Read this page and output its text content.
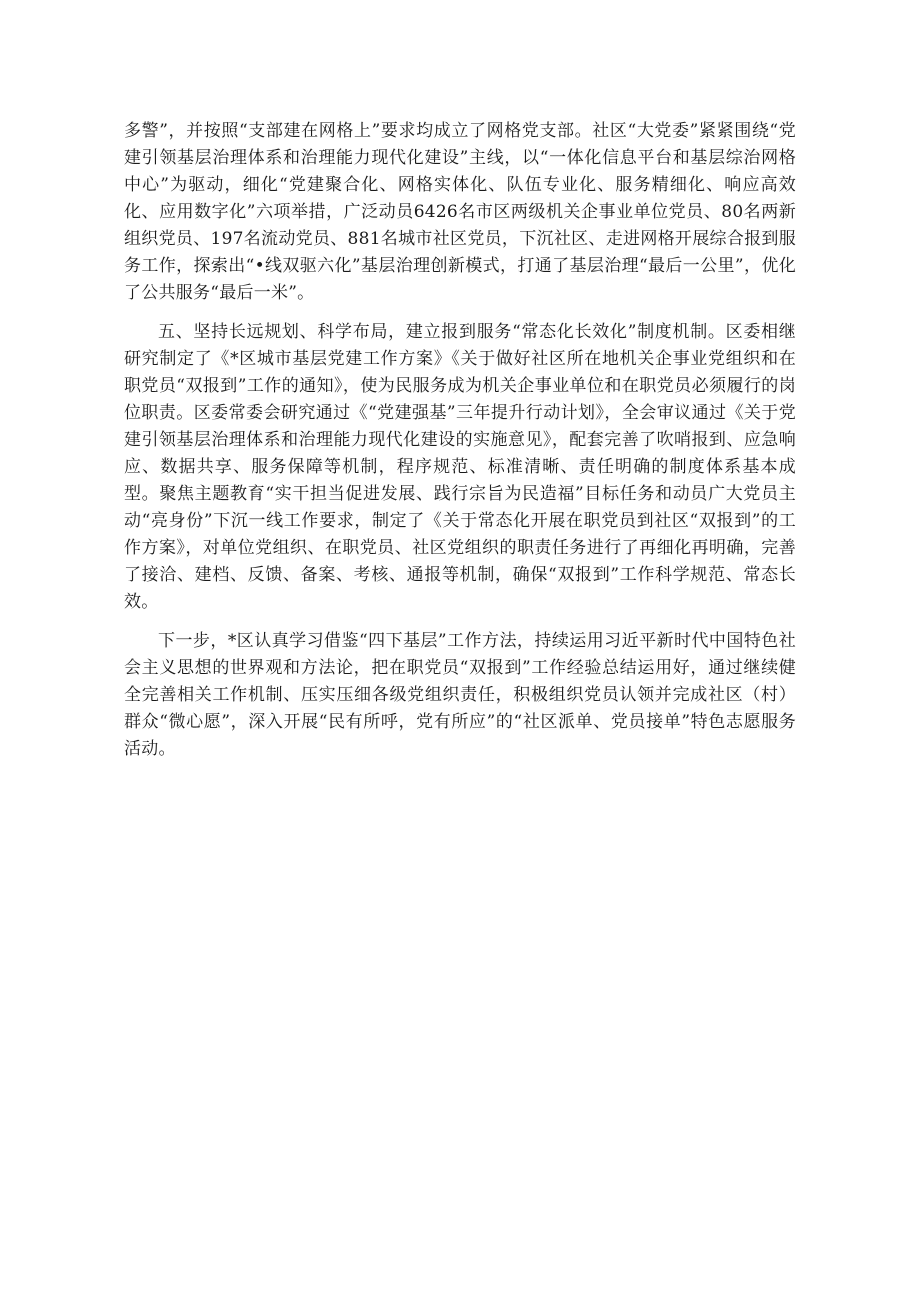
多警”，并按照“支部建在网格上”要求均成立了网格党支部。社区“大党委”紧紧围绕“党建引领基层治理体系和治理能力现代化建设”主线，以“一体化信息平台和基层综治网格中心”为驱动，细化“党建聚合化、网格实体化、队伍专业化、服务精细化、响应高效化、应用数字化”六项举措，广泛动员6426名市区两级机关企事业单位党员、80名两新组织党员、197名流动党员、881名城市社区党员，下沉社区、走进网格开展综合报到服务工作，探索出“•线双驱六化”基层治理创新模式，打通了基层治理“最后一公里”，优化了公共服务“最后一米”。

五、坚持长远规划、科学布局，建立报到服务“常态化长效化”制度机制。区委相继研究制定了《*区城市基层党建工作方案》《关于做好社区所在地机关企事业党组织和在职党员“双报到”工作的通知》，使为民服务成为机关企事业单位和在职党员必须履行的岗位职责。区委常委会研究通过《“党建强基”三年提升行动计划》，全会审议通过《关于党建引领基层治理体系和治理能力现代化建设的实施意见》，配套完善了吹哨报到、应急响应、数据共享、服务保障等机制，程序规范、标准清晰、责任明确的制度体系基本成型。聚焦主题教育“实干担当促进发展、践行宗旨为民造福”目标任务和动员广大党员主动“亮身份”下沉一线工作要求，制定了《关于常态化开展在职党员到社区“双报到”的工作方案》，对单位党组织、在职党员、社区党组织的职责任务进行了再细化再明确，完善了接洽、建档、反馈、备案、考核、通报等机制，确保“双报到”工作科学规范、常态长效。

下一步，*区认真学习借鉴“四下基层”工作方法，持续运用习近平新时代中国特色社会主义思想的世界观和方法论，把在职党员“双报到”工作经验总结运用好，通过继续健全完善相关工作机制、压实压细各级党组织责任，积极组织党员认领并完成社区（村）群众“微心愿”，深入开展“民有所呼，党有所应”的“社区派单、党员接单”特色志愿服务活动。
